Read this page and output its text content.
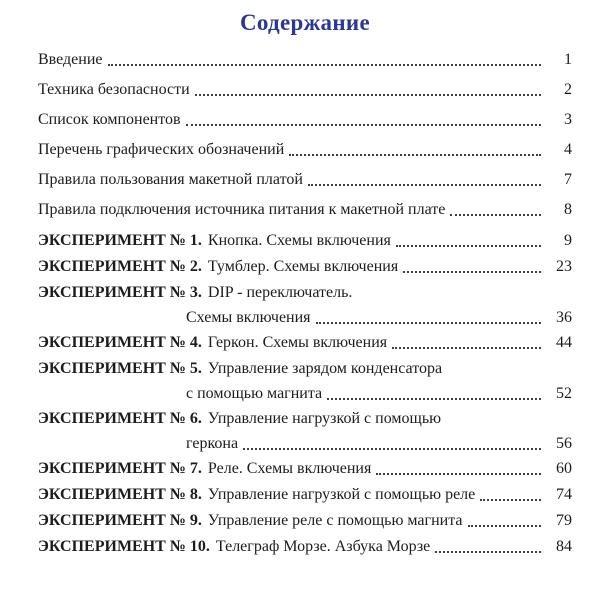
Содержание
Введение	1
Техника безопасности	2
Список компонентов	3
Перечень графических обозначений	4
Правила пользования макетной платой	7
Правила подключения источника питания к макетной плате	8
ЭКСПЕРИМЕНТ № 1. Кнопка. Схемы включения	9
ЭКСПЕРИМЕНТ № 2. Тумблер. Схемы включения	23
ЭКСПЕРИМЕНТ № 3. DIP - переключатель.
Схемы включения	36
ЭКСПЕРИМЕНТ № 4. Геркон. Схемы включения	44
ЭКСПЕРИМЕНТ № 5. Управление зарядом конденсатора
с помощью магнита	52
ЭКСПЕРИМЕНТ № 6. Управление нагрузкой с помощью
геркона	56
ЭКСПЕРИМЕНТ № 7. Реле. Схемы включения	60
ЭКСПЕРИМЕНТ № 8. Управление нагрузкой с помощью реле	74
ЭКСПЕРИМЕНТ № 9. Управление реле с помощью магнита	79
ЭКСПЕРИМЕНТ № 10. Телеграф Морзе. Азбука Морзе	84
